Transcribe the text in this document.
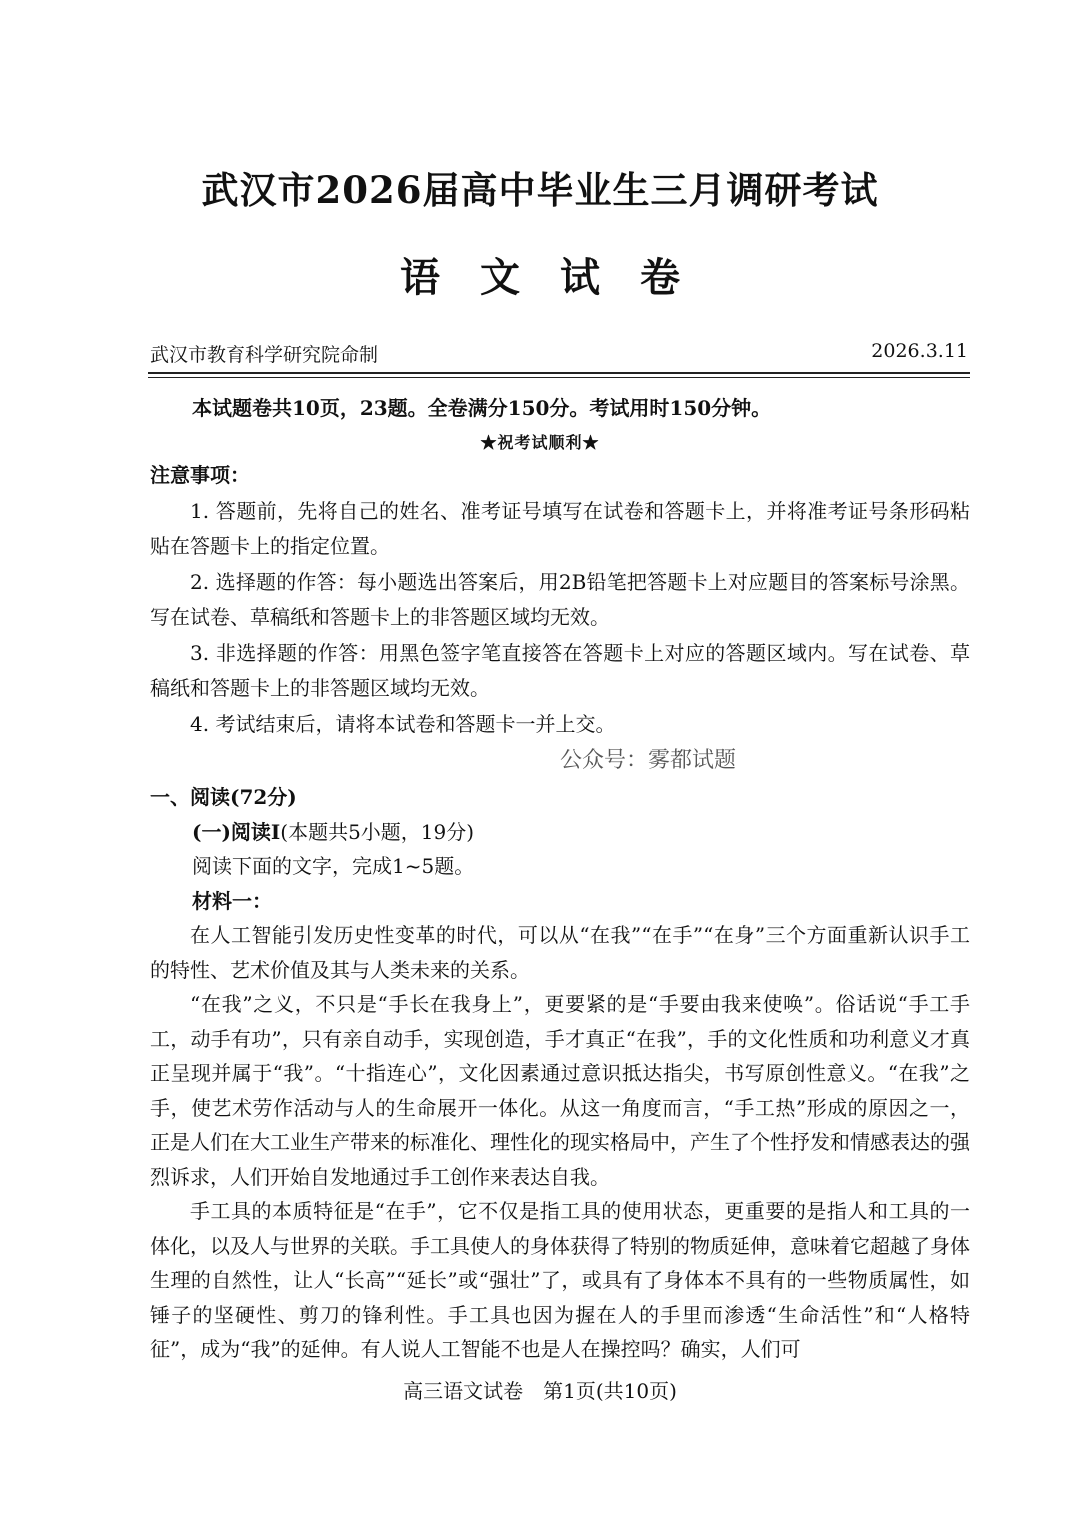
武汉市2026届高中毕业生三月调研考试
语文试卷
武汉市教育科学研究院命制	2026.3.11
本试题卷共10页，23题。全卷满分150分。考试用时150分钟。
★祝考试顺利★
注意事项：

1. 答题前，先将自己的姓名、准考证号填写在试卷和答题卡上，并将准考证号条形码粘贴在答题卡上的指定位置。

2. 选择题的作答：每小题选出答案后，用2B铅笔把答题卡上对应题目的答案标号涂黑。写在试卷、草稿纸和答题卡上的非答题区域均无效。

3. 非选择题的作答：用黑色签字笔直接答在答题卡上对应的答题区域内。写在试卷、草稿纸和答题卡上的非答题区域均无效。

4. 考试结束后，请将本试卷和答题卡一并上交。

公众号：雾都试题
一、阅读(72分)
(一)阅读Ⅰ(本题共5小题，19分)
阅读下面的文字，完成1~5题。
材料一：

在人工智能引发历史性变革的时代，可以从“在我”“在手”“在身”三个方面重新认识手工的特性、艺术价值及其与人类未来的关系。

“在我”之义，不只是“手长在我身上”，更要紧的是“手要由我来使唤”。俗话说“手工手工，动手有功”，只有亲自动手，实现创造，手才真正“在我”，手的文化性质和功利意义才真正呈现并属于“我”。“十指连心”，文化因素通过意识抵达指尖，书写原创性意义。“在我”之手，使艺术劳作活动与人的生命展开一体化。从这一角度而言，“手工热”形成的原因之一，正是人们在大工业生产带来的标准化、理性化的现实格局中，产生了个性抒发和情感表达的强烈诉求，人们开始自发地通过手工创作来表达自我。

手工具的本质特征是“在手”，它不仅是指工具的使用状态，更重要的是指人和工具的一体化，以及人与世界的关联。手工具使人的身体获得了特别的物质延伸，意味着它超越了身体生理的自然性，让人“长高”“延长”或“强壮”了，或具有了身体本不具有的一些物质属性，如锤子的坚硬性、剪刀的锋利性。手工具也因为握在人的手里而渗透“生命活性”和“人格特征”，成为“我”的延伸。有人说人工智能不也是人在操控吗？确实，人们可

高三语文试卷　第1页(共10页)
